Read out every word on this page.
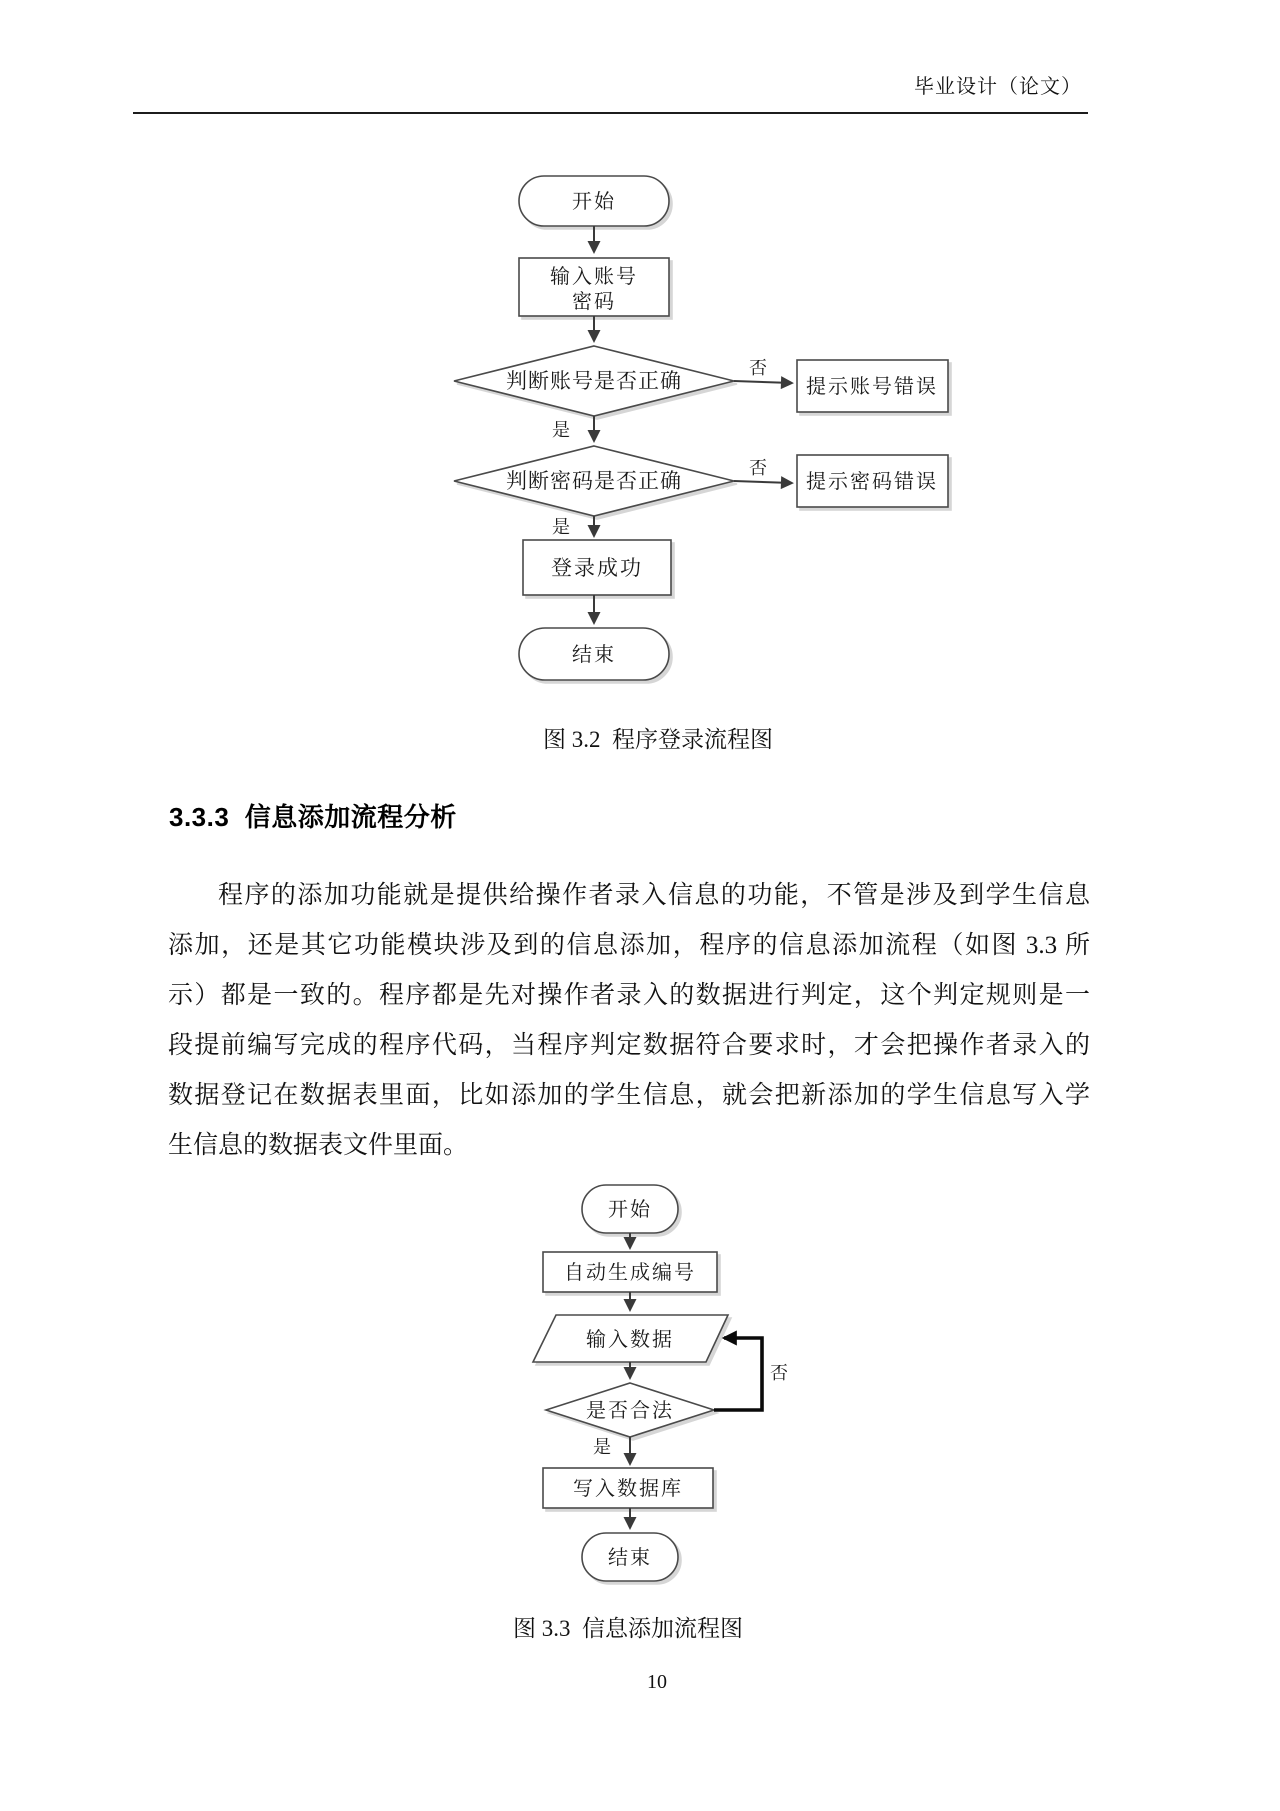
毕业设计（论文）
开始
输入账号
密码
判断账号是否正确
否
提示账号错误
是
判断密码是否正确
否
提示密码错误
是
登录成功
结束
图 3.2  程序登录流程图
3.3.3  信息添加流程分析
程序的添加功能就是提供给操作者录入信息的功能，不管是涉及到学生信息
添加，还是其它功能模块涉及到的信息添加，程序的信息添加流程（如图 3.3 所
示）都是一致的。程序都是先对操作者录入的数据进行判定，这个判定规则是一
段提前编写完成的程序代码，当程序判定数据符合要求时，才会把操作者录入的
数据登记在数据表里面，比如添加的学生信息，就会把新添加的学生信息写入学
生信息的数据表文件里面。
开始
自动生成编号
输入数据
是否合法
否
是
写入数据库
结束
图 3.3  信息添加流程图
10
